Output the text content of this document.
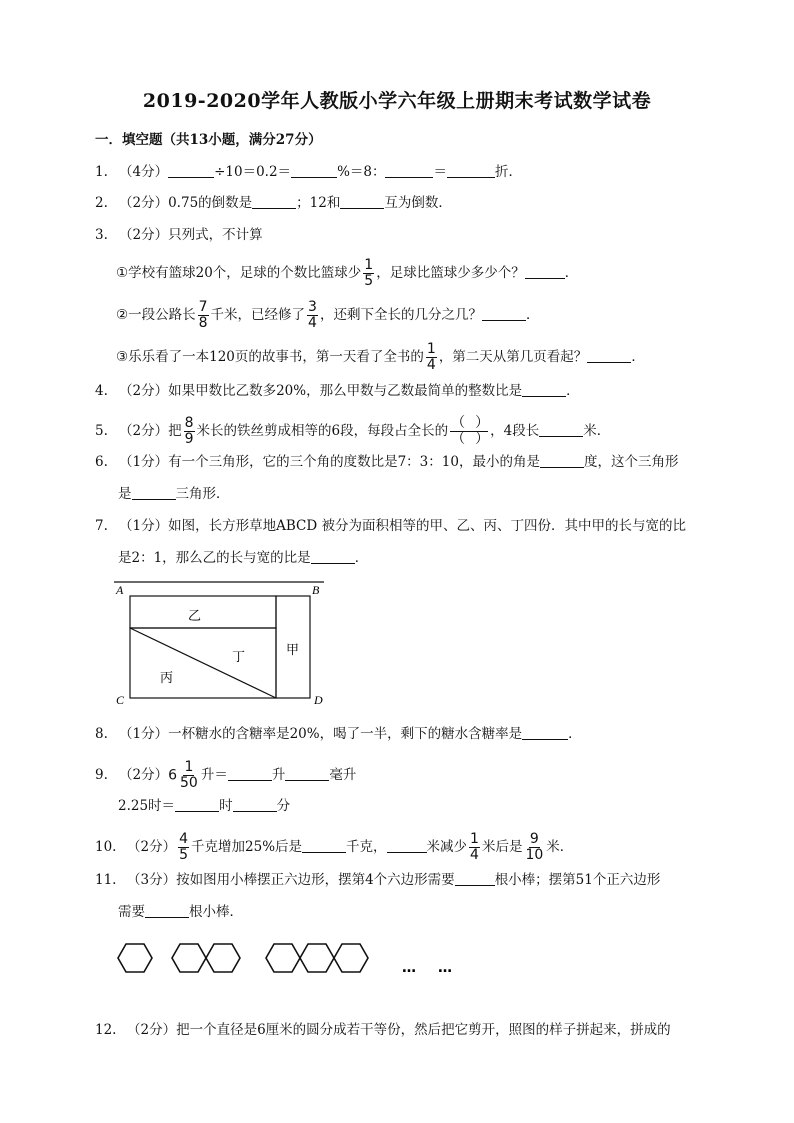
2019-2020学年人教版小学六年级上册期末考试数学试卷
一．填空题（共13小题，满分27分）
1. （4分）	÷10＝0.2＝	%＝8：	＝	折．
2. （2分）0.75的倒数是	；12和	互为倒数．
3. （2分）只列式，不计算
①学校有篮球20个，足球的个数比篮球少 $\frac{1}{5}$ ，足球比篮球少多少个？	．
②一段公路长 $\frac{7}{8}$ 千米，已经修了 $\frac{3}{4}$ ，还剩下全长的几分之几？	．
③乐乐看了一本120页的故事书，第一天看了全书的 $\frac{1}{4}$ ，第二天从第几页看起？	．
4. （2分）如果甲数比乙数多20%，那么甲数与乙数最简单的整数比是	．
5. （2分）把 $\frac{8}{9}$ 米长的铁丝剪成相等的6段，每段占全长的 $\frac{()}{()}$ ，4段长	米．
6. （1分）有一个三角形，它的三个角的度数比是7：3：10，最小的角是	度，这个三角形
是	三角形．
7. （1分）如图，长方形草地ABCD 被分为面积相等的甲、乙、丙、丁四份．其中甲的长与宽的比
是2：1，那么乙的长与宽的比是	．
A	B
C	D
乙
丁	甲
丙
8. （1分）一杯糖水的含糖率是20%，喝了一半，剩下的糖水含糖率是	．
9. （2分）$6 \frac{1}{50}$ 升＝	升	毫升
2.25时＝	时	分
10. （2分） $\frac{4}{5}$ 千克增加25%后是	千克，	米减少 $\frac{1}{4}$ 米后是 $\frac{9}{10}$ 米．
11. （3分）按如图用小棒摆正六边形，摆第4个六边形需要	根小棒；摆第51个正六边形
需要	根小棒．
… …
12. （2分）把一个直径是6厘米的圆分成若干等份，然后把它剪开，照图的样子拼起来，拼成的
